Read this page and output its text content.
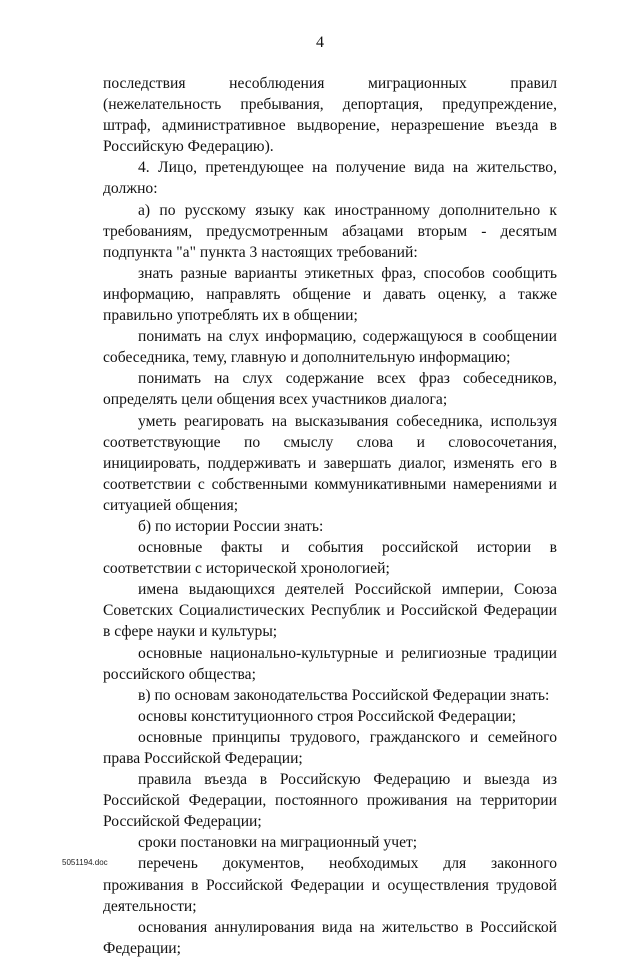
4

последствия несоблюдения миграционных правил (нежелательность пребывания, депортация, предупреждение, штраф, административное выдворение, неразрешение въезда в Российскую Федерацию).

4. Лицо, претендующее на получение вида на жительство, должно:

а) по русскому языку как иностранному дополнительно к требованиям, предусмотренным абзацами вторым - десятым подпункта "а" пункта 3 настоящих требований:

знать разные варианты этикетных фраз, способов сообщить информацию, направлять общение и давать оценку, а также правильно употреблять их в общении;

понимать на слух информацию, содержащуюся в сообщении собеседника, тему, главную и дополнительную информацию;

понимать на слух содержание всех фраз собеседников, определять цели общения всех участников диалога;

уметь реагировать на высказывания собеседника, используя соответствующие по смыслу слова и словосочетания, инициировать, поддерживать и завершать диалог, изменять его в соответствии с собственными коммуникативными намерениями и ситуацией общения;

б) по истории России знать:

основные факты и события российской истории в соответствии с исторической хронологией;

имена выдающихся деятелей Российской империи, Союза Советских Социалистических Республик и Российской Федерации в сфере науки и культуры;

основные национально-культурные и религиозные традиции российского общества;

в) по основам законодательства Российской Федерации знать:

основы конституционного строя Российской Федерации;

основные принципы трудового, гражданского и семейного права Российской Федерации;

правила въезда в Российскую Федерацию и выезда из Российской Федерации, постоянного проживания на территории Российской Федерации;

сроки постановки на миграционный учет;

перечень документов, необходимых для законного проживания в Российской Федерации и осуществления трудовой деятельности;

основания аннулирования вида на жительство в Российской Федерации;

5051194.doc
